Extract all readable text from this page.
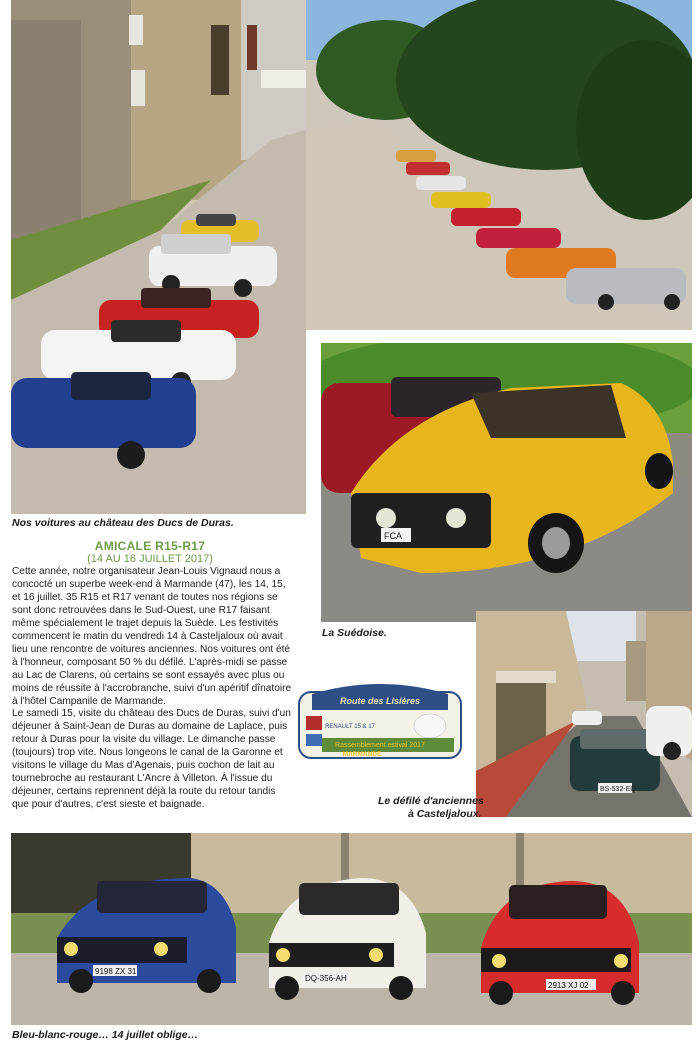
Nos voitures au château des Ducs de Duras.
FCA
La Suédoise.
BS-532-EQ
Le défilé d'anciennes
à Casteljaloux.
AMICALE R15-R17
(14 AU 16 JUILLET 2017)

Cette année, notre organisateur Jean-Louis Vignaud nous a concocté un superbe week-end à Marmande (47), les 14, 15, et 16 juillet. 35 R15 et R17 venant de toutes nos régions se sont donc retrouvées dans le Sud-Ouest, une R17 faisant même spécialement le trajet depuis la Suède. Les festivités commencent le matin du vendredi 14 à Casteljaloux où avait lieu une rencontre de voitures anciennes. Nos voitures ont été à l'honneur, composant 50 % du défilé. L'après-midi se passe au Lac de Clarens, où certains se sont essayés avec plus ou moins de réussite à l'accrobranche, suivi d'un apéritif dînatoire à l'hôtel Campanile de Marmande.

Le samedi 15, visite du château des Ducs de Duras, suivi d'un déjeuner à Saint-Jean de Duras au domaine de Laplace, puis retour à Duras pour la visite du village. Le dimanche passe (toujours) trop vite. Nous longeons le canal de la Garonne et visitons le village du Mas d'Agenais, puis cochon de lait au tournebroche au restaurant L'Ancre à Villeton. À l'issue du déjeuner, certains reprennent déjà la route du retour tandis que pour d'autres, c'est sieste et baignade.

Route des Lisières
Rassemblement estival 2017
MARMANDE
RENAULT 15 & 17
9198 ZX 31
DQ-356-AH
2913 XJ 02
Bleu-blanc-rouge… 14 juillet oblige…
